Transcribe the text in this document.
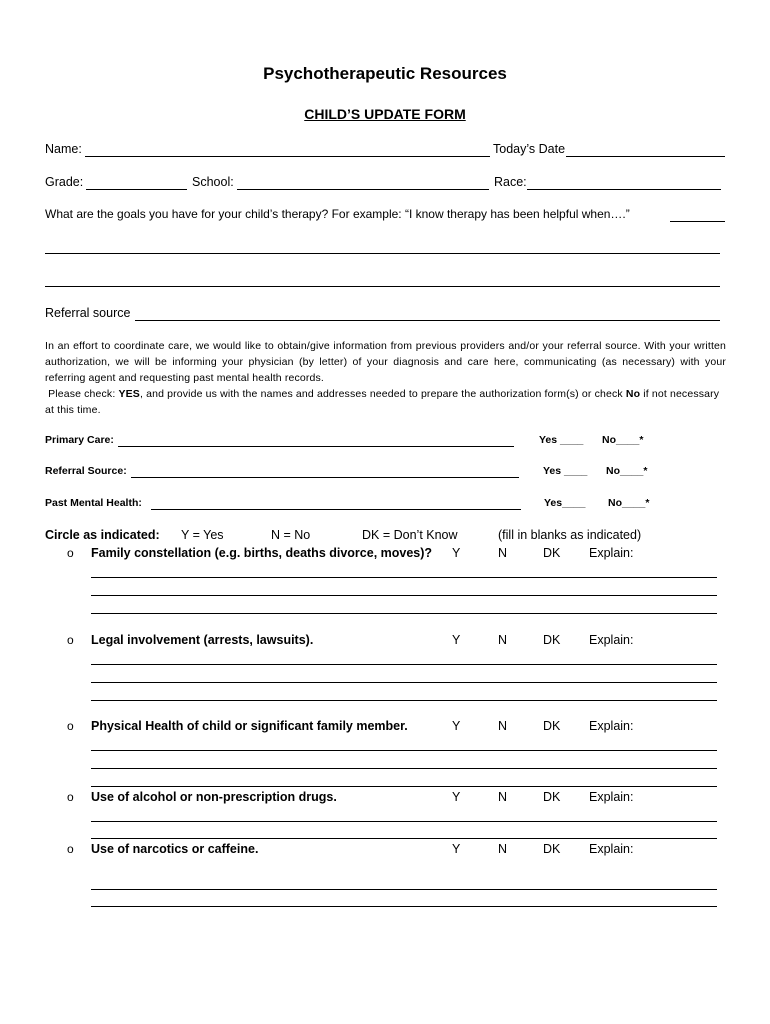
Psychotherapeutic Resources
CHILD’S UPDATE FORM
Name:	Today’s Date
Grade:	School:	Race:
What are the goals you have for your child’s therapy? For example: “I know therapy has been helpful when….”
Referral source
In an effort to coordinate care, we would like to obtain/give information from previous providers and/or your referral source. With your written authorization, we will be informing your physician (by letter) of your diagnosis and care here, communicating (as necessary) with your referring agent and requesting past mental health records.
Please check: YES, and provide us with the names and addresses needed to prepare the authorization form(s) or check No if not necessary at this time.
Primary Care:	Yes ____ No____*
Referral Source:	Yes ____ No____*
Past Mental Health:	Yes____ No____*
Circle as indicated: Y = Yes	N = No	DK = Don’t Know	(fill in blanks as indicated)
o Family constellation (e.g. births, deaths divorce, moves)? Y	N	DK Explain:
o Legal involvement (arrests, lawsuits).	Y	N	DK Explain:
o Physical Health of child or significant family member.	Y	N	DK Explain:
o Use of alcohol or non-prescription drugs.	Y	N	DK Explain:
o Use of narcotics or caffeine.	Y	N	DK Explain:
